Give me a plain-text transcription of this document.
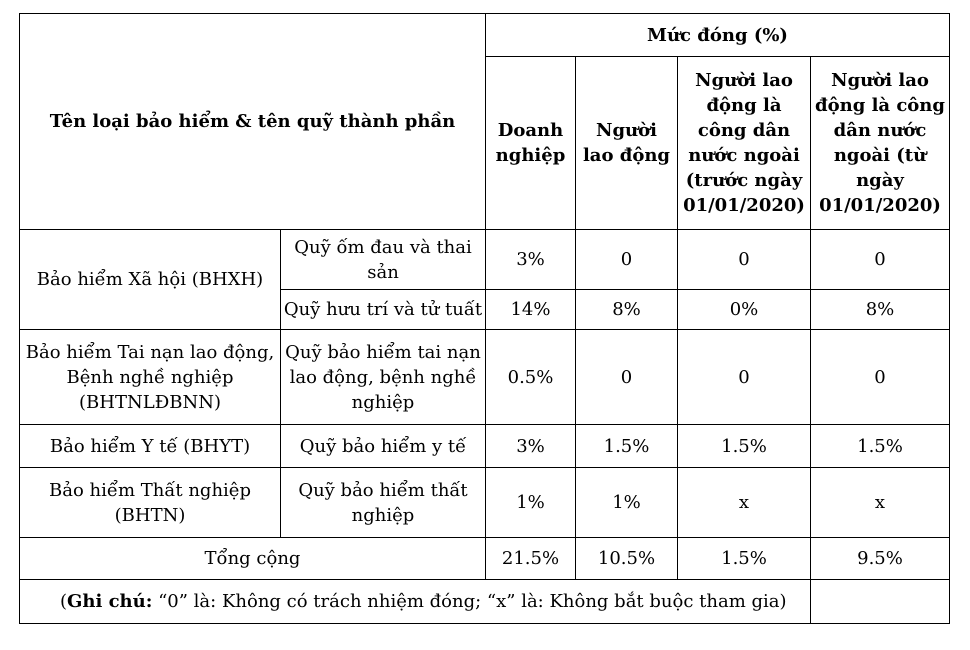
Tên loại bảo hiểm & tên quỹ thành phần		Mức đóng (%)			
		Doanh nghiệp	Người lao động	Người lao động là công dân nước ngoài (trước ngày 01/01/2020)	Người lao động là công dân nước ngoài (từ ngày 01/01/2020)
Bảo hiểm Xã hội (BHXH)	Quỹ ốm đau và thai sản	3%	0	0	0
	Quỹ hưu trí và tử tuất	14%	8%	0%	8%
Bảo hiểm Tai nạn lao động, Bệnh nghề nghiệp (BHTNLĐBNN)	Quỹ bảo hiểm tai nạn lao động, bệnh nghề nghiệp	0.5%	0	0	0
Bảo hiểm Y tế (BHYT)	Quỹ bảo hiểm y tế	3%	1.5%	1.5%	1.5%
Bảo hiểm Thất nghiệp (BHTN)	Quỹ bảo hiểm thất nghiệp	1%	1%	x	x
Tổng cộng		21.5%	10.5%	1.5%	9.5%
(Ghi chú: “0” là: Không có trách nhiệm đóng; “x” là: Không bắt buộc tham gia)					
